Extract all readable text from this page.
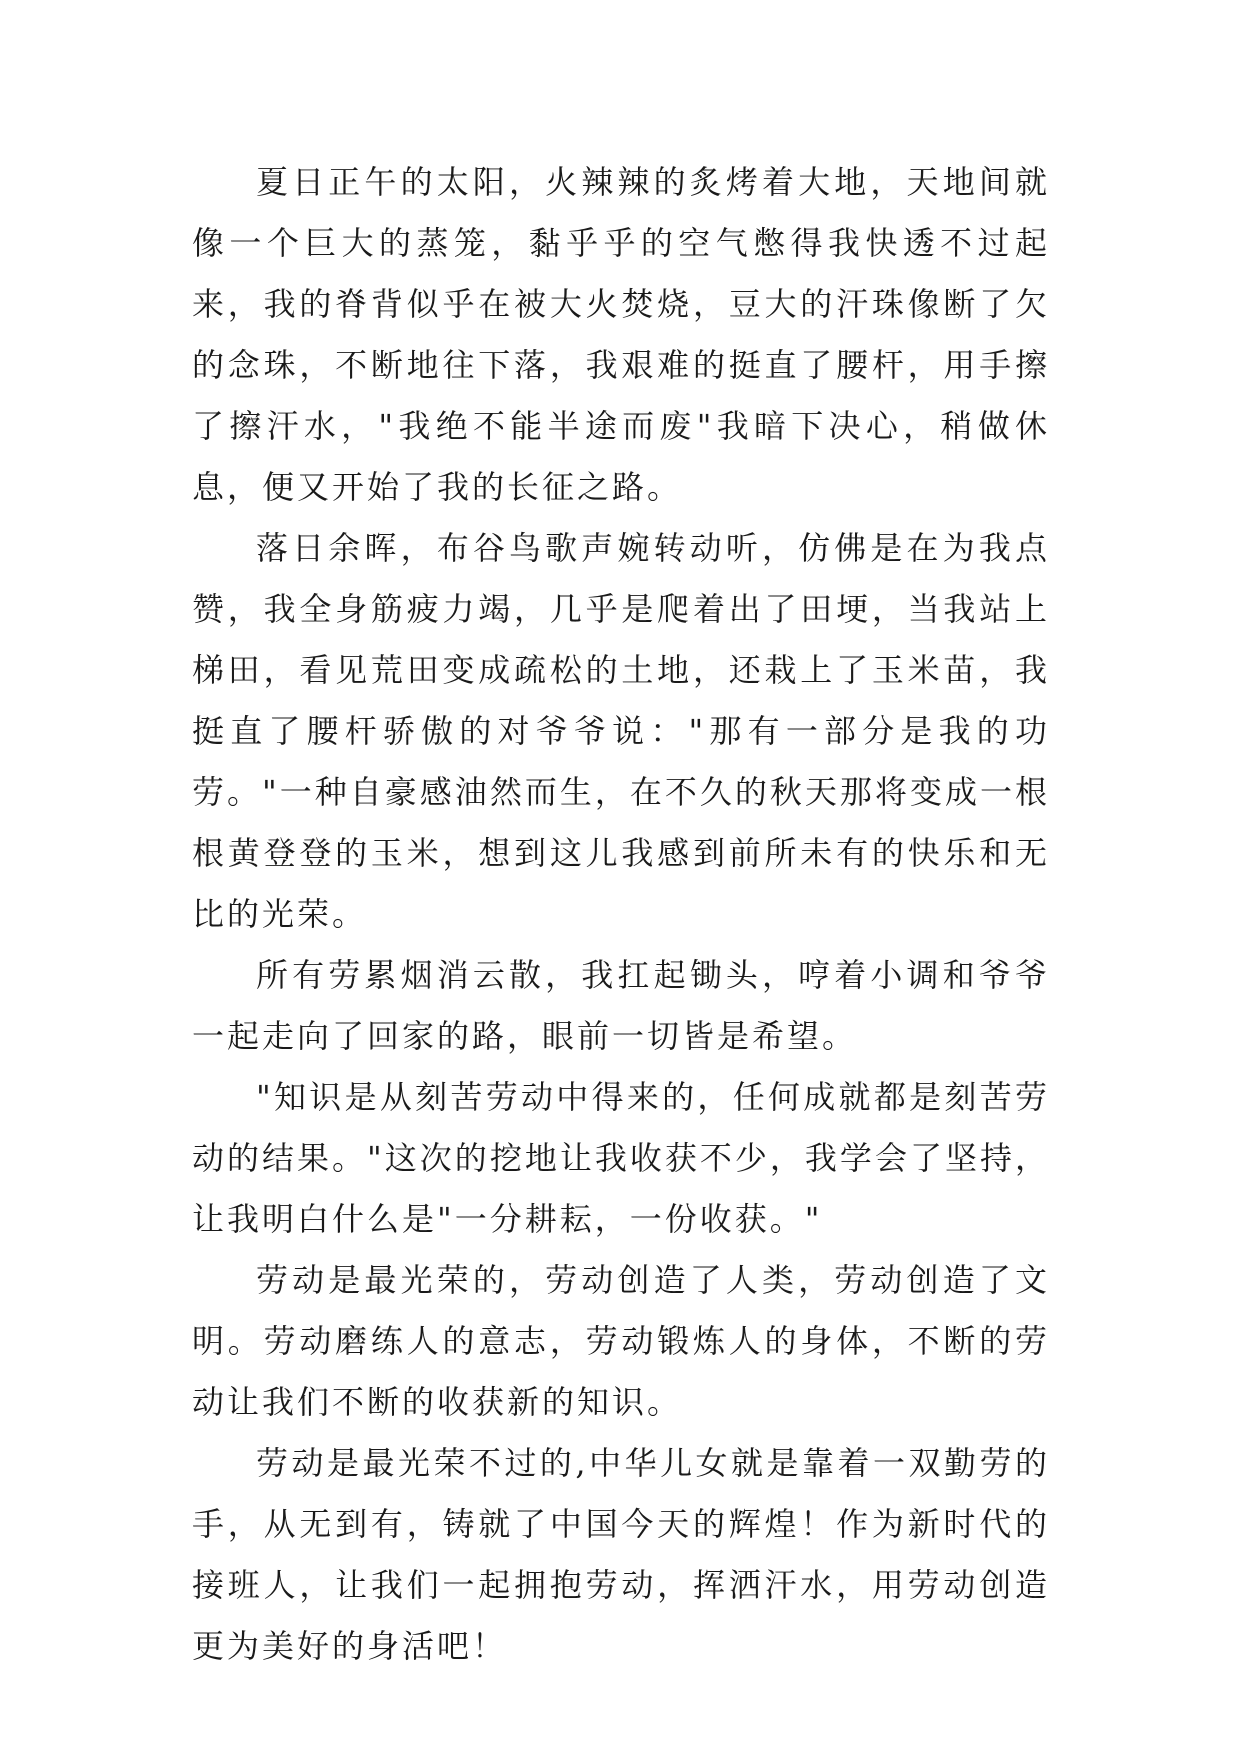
夏日正午的太阳，火辣辣的炙烤着大地，天地间就像一个巨大的蒸笼，黏乎乎的空气憋得我快透不过起来，我的脊背似乎在被大火焚烧，豆大的汗珠像断了欠的念珠，不断地往下落，我艰难的挺直了腰杆，用手擦了擦汗水，"我绝不能半途而废"我暗下决心，稍做休息，便又开始了我的长征之路。

落日余晖，布谷鸟歌声婉转动听，仿佛是在为我点赞，我全身筋疲力竭，几乎是爬着出了田埂，当我站上梯田，看见荒田变成疏松的土地，还栽上了玉米苗，我挺直了腰杆骄傲的对爷爷说："那有一部分是我的功劳。"一种自豪感油然而生，在不久的秋天那将变成一根根黄登登的玉米，想到这儿我感到前所未有的快乐和无比的光荣。

所有劳累烟消云散，我扛起锄头，哼着小调和爷爷一起走向了回家的路，眼前一切皆是希望。

"知识是从刻苦劳动中得来的，任何成就都是刻苦劳动的结果。"这次的挖地让我收获不少，我学会了坚持，让我明白什么是"一分耕耘，一份收获。"

劳动是最光荣的，劳动创造了人类，劳动创造了文明。劳动磨练人的意志，劳动锻炼人的身体，不断的劳动让我们不断的收获新的知识。

劳动是最光荣不过的,中华儿女就是靠着一双勤劳的手，从无到有，铸就了中国今天的辉煌！作为新时代的接班人，让我们一起拥抱劳动，挥洒汗水，用劳动创造更为美好的身活吧！
